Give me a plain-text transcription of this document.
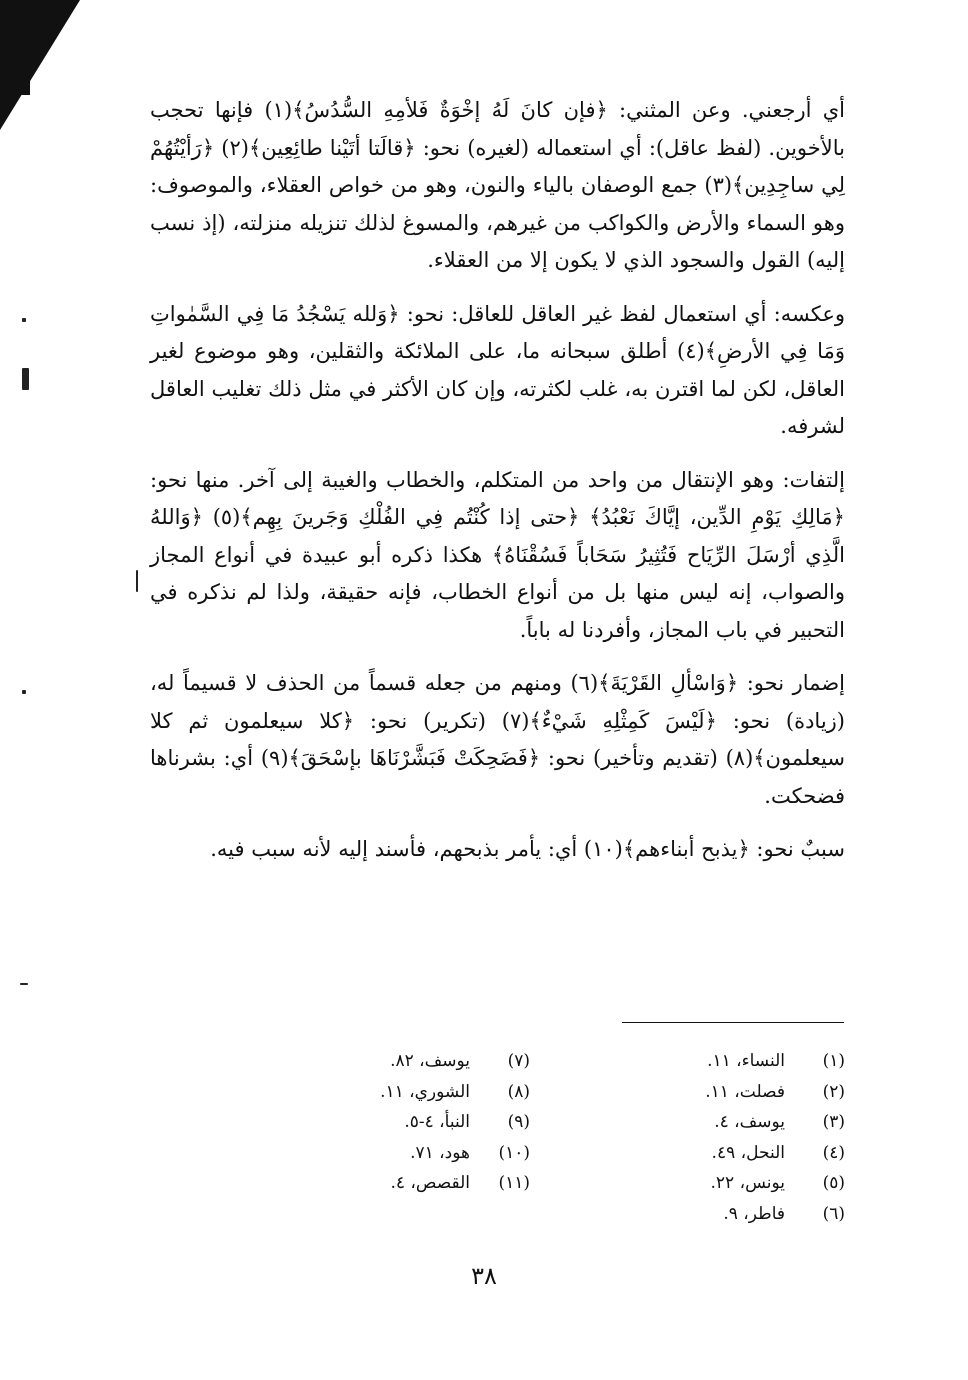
أي أرجعني. وعن المثني: ﴿فإن كانَ لَهُ إخْوَةٌ فَلأمِهِ السُّدُسُ﴾(١) فإنها تحجب بالأخوين. (لفظ عاقل): أي استعماله (لغيره) نحو: ﴿قالَتا أتَيْنا طائِعِين﴾(٢) ﴿رَأيْتُهُمْ لِي ساجِدِين﴾(٣) جمع الوصفان بالياء والنون، وهو من خواص العقلاء، والموصوف: وهو السماء والأرض والكواكب من غيرهم، والمسوغ لذلك تنزيله منزلته، (إذ نسب إليه) القول والسجود الذي لا يكون إلا من العقلاء.

وعكسه: أي استعمال لفظ غير العاقل للعاقل: نحو: ﴿وَلله يَسْجُدُ مَا فِي السَّمٰواتِ وَمَا فِي الأرضِ﴾(٤) أطلق سبحانه ما، على الملائكة والثقلين، وهو موضوع لغير العاقل، لكن لما اقترن به، غلب لكثرته، وإن كان الأكثر في مثل ذلك تغليب العاقل لشرفه.

إلتفات: وهو الإنتقال من واحد من المتكلم، والخطاب والغيبة إلى آخر. منها نحو: ﴿مَالِكِ يَوْمِ الدِّين، إيَّاكَ نَعْبُدُ﴾ ﴿حتى إذا كُنْتُم فِي الفُلْكِ وَجَرينَ بِهِم﴾(٥) ﴿وَاللهُ الَّذِي أرْسَلَ الرِّيَاح فَتُثِيرُ سَحَاباً فَسُقْنَاهُ﴾ هكذا ذكره أبو عبيدة في أنواع المجاز والصواب، إنه ليس منها بل من أنواع الخطاب، فإنه حقيقة، ولذا لم نذكره في التحبير في باب المجاز، وأفردنا له باباً.

إضمار نحو: ﴿وَاسْألِ القَرْيَةَ﴾(٦) ومنهم من جعله قسماً من الحذف لا قسيماً له، (زيادة) نحو: ﴿لَيْسَ كَمِثْلِهِ شَيْءٌ﴾(٧) (تكرير) نحو: ﴿كلا سيعلمون ثم كلا سيعلمون﴾(٨) (تقديم وتأخير) نحو: ﴿فَضَحِكَتْ فَبَشَّرْنَاهَا بإسْحَقَ﴾(٩) أي: بشرناها فضحكت.

سببٌ نحو: ﴿يذبح أبناءهم﴾(١٠) أي: يأمر بذبحهم، فأسند إليه لأنه سبب فيه.

(١)
النساء، ١١.
(٢)
فصلت، ١١.
(٣)
يوسف، ٤.
(٤)
النحل، ٤٩.
(٥)
يونس، ٢٢.
(٦)
فاطر، ٩.
(٧)
يوسف، ٨٢.
(٨)
الشوري، ١١.
(٩)
النبأ، ٤-٥.
(١٠)
هود، ٧١.
(١١)
القصص، ٤.
٣٨
